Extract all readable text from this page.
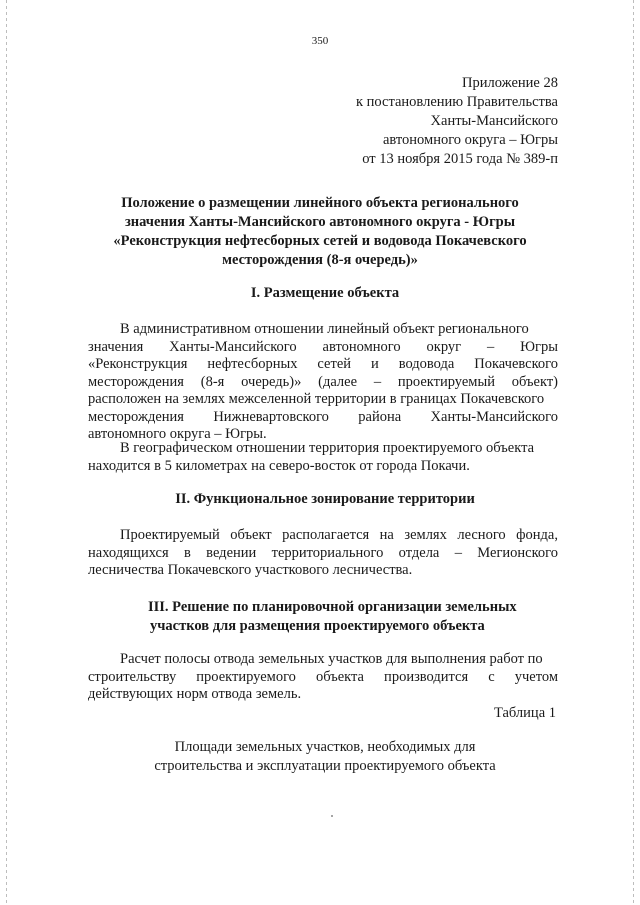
350
Приложение 28
к постановлению Правительства
Ханты-Мансийского
автономного округа – Югры
от 13 ноября 2015 года № 389-п
Положение о размещении линейного объекта регионального
значения Ханты-Мансийского автономного округа - Югры
«Реконструкция нефтесборных сетей и водовода Покачевского
месторождения (8-я очередь)»
I. Размещение объекта
В административном отношении линейный объект регионального
значения Ханты-Мансийского автономного округ – Югры
«Реконструкция нефтесборных сетей и водовода Покачевского
месторождения (8-я очередь)» (далее – проектируемый объект)
расположен на землях межселенной территории в границах Покачевского
месторождения Нижневартовского района Ханты-Мансийского
автономного округа – Югры.
В географическом отношении территория проектируемого объекта
находится в 5 километрах на северо-восток от города Покачи.
II. Функциональное зонирование территории
Проектируемый объект располагается на землях лесного фонда,
находящихся в ведении территориального отдела – Мегионского
лесничества Покачевского участкового лесничества.
III. Решение по планировочной организации земельных
участков для размещения проектируемого объекта
Расчет полосы отвода земельных участков для выполнения работ по
строительству проектируемого объекта производится с учетом
действующих норм отвода земель.
Таблица 1
Площади земельных участков, необходимых для
строительства и эксплуатации проектируемого объекта
